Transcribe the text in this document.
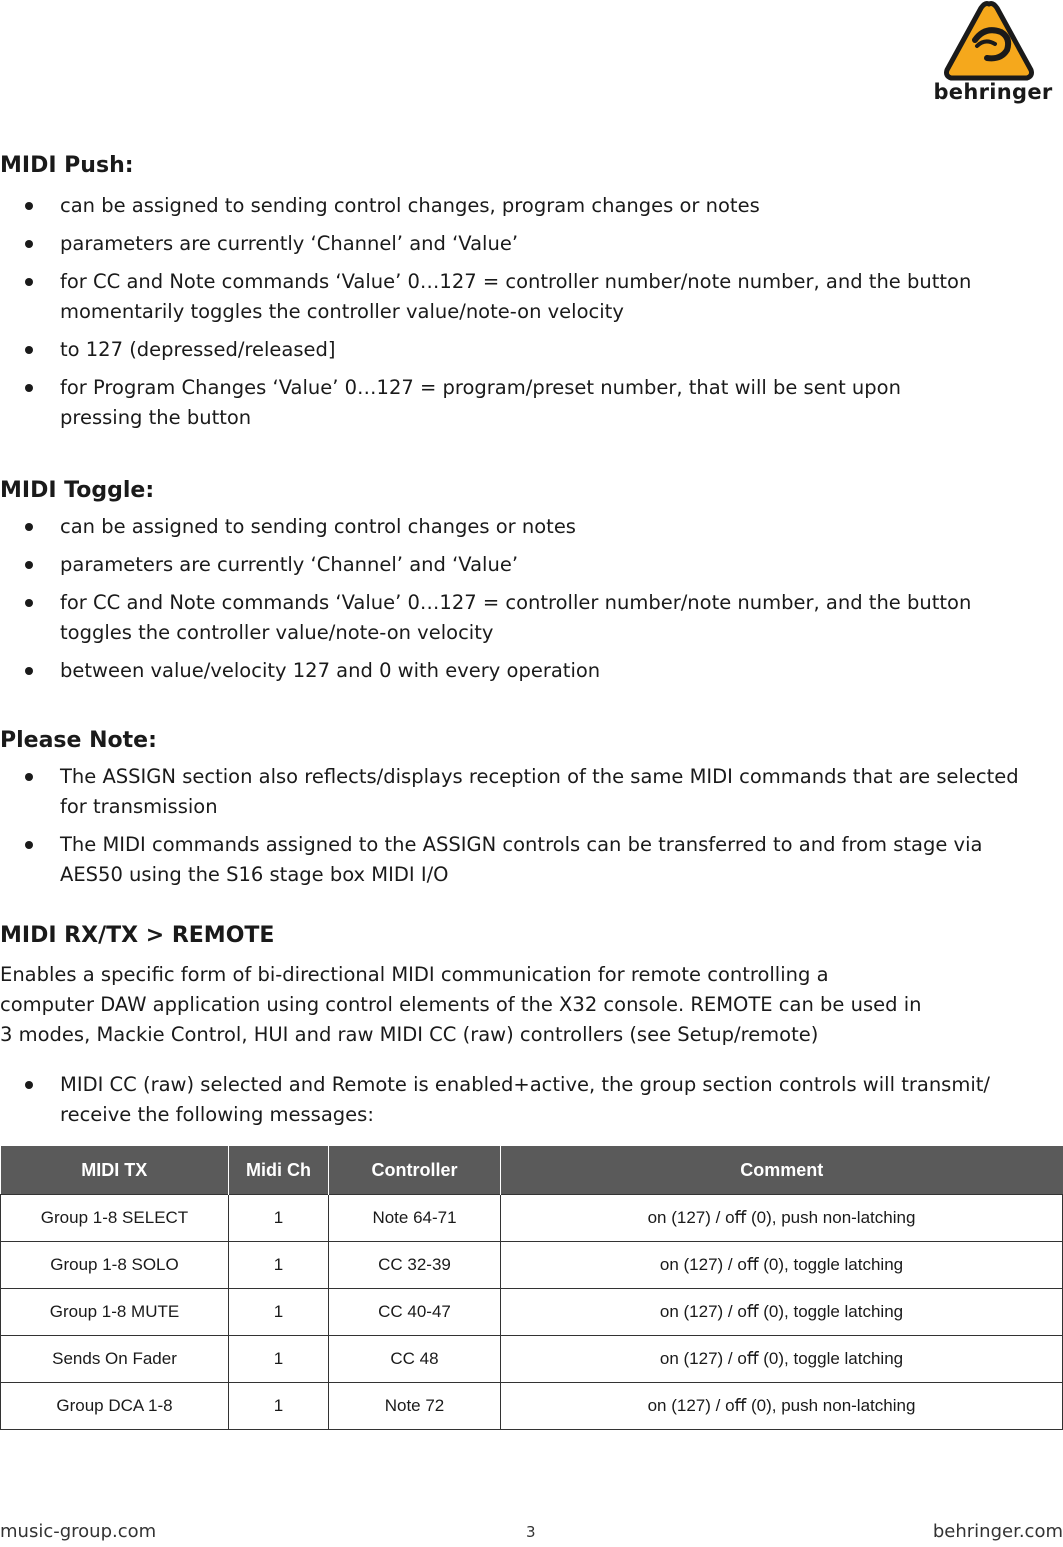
behringer
MIDI Push:
can be assigned to sending control changes, program changes or notes
parameters are currently ‘Channel’ and ‘Value’
for CC and Note commands ‘Value’ 0…127 = controller number/note number, and the button
momentarily toggles the controller value/note-on velocity
to 127 (depressed/released]
for Program Changes ‘Value’ 0…127 = program/preset number, that will be sent upon
pressing the button
MIDI Toggle:
can be assigned to sending control changes or notes
parameters are currently ‘Channel’ and ‘Value’
for CC and Note commands ‘Value’ 0…127 = controller number/note number, and the button
toggles the controller value/note-on velocity
between value/velocity 127 and 0 with every operation
Please Note:
The ASSIGN section also reﬂects/displays reception of the same MIDI commands that are selected
for transmission
The MIDI commands assigned to the ASSIGN controls can be transferred to and from stage via
AES50 using the S16 stage box MIDI I/O
MIDI RX/TX > REMOTE

Enables a speciﬁc form of bi-directional MIDI communication for remote controlling a
computer DAW application using control elements of the X32 console. REMOTE can be used in
3 modes, Mackie Control, HUI and raw MIDI CC (raw) controllers (see Setup/remote)

MIDI CC (raw) selected and Remote is enabled+active, the group section controls will transmit/
receive the following messages:
MIDI TX	Midi Ch	Controller	Comment
Group 1-8 SELECT	1	Note 64-71	on (127) / oﬀ (0), push non-latching
Group 1-8 SOLO	1	CC 32-39	on (127) / oﬀ (0), toggle latching
Group 1-8 MUTE	1	CC 40-47	on (127) / oﬀ (0), toggle latching
Sends On Fader	1	CC 48	on (127) / oﬀ (0), toggle latching
Group DCA 1-8	1	Note 72	on (127) / oﬀ (0), push non-latching
music-group.com	3	behringer.com
